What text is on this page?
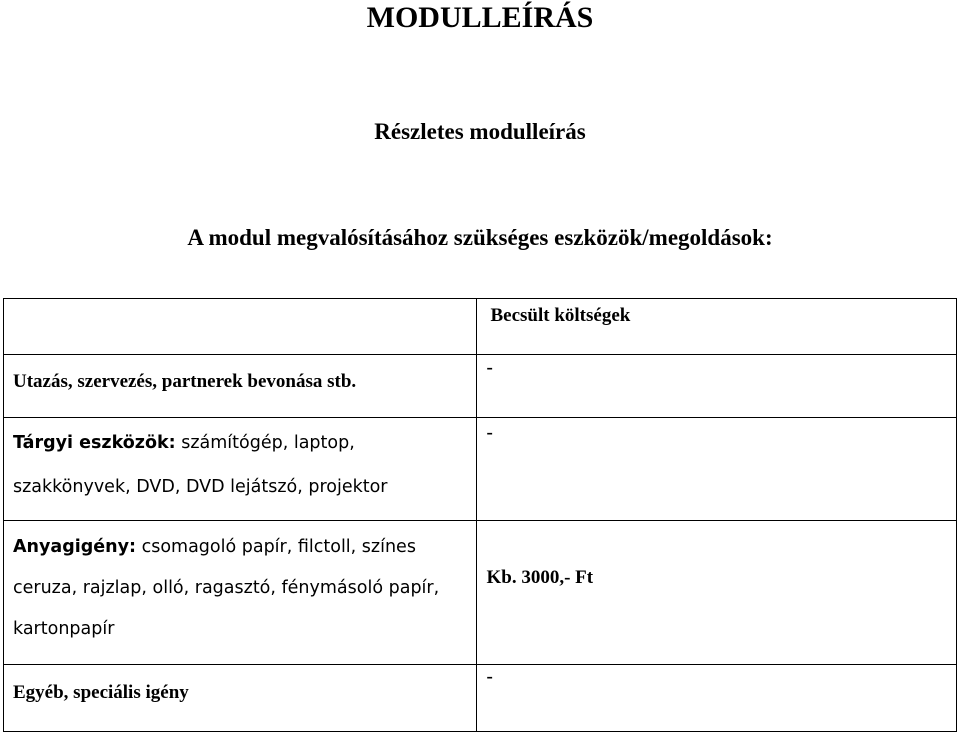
MODULLEÍRÁS
Részletes modulleírás
A modul megvalósításához szükséges eszközök/megoldások:
	Becsült költségek

Utazás, szervezés, partnerek bevonása stb.	-

Tárgyi eszközök: számítógép, laptop,
szakkönyvek, DVD, DVD lejátszó, projektor	-

Anyagigény: csomagoló papír, filctoll, színes
ceruza, rajzlap, olló, ragasztó, fénymásoló papír,
kartonpapír	Kb. 3000,- Ft

Egyéb, speciális igény	-
